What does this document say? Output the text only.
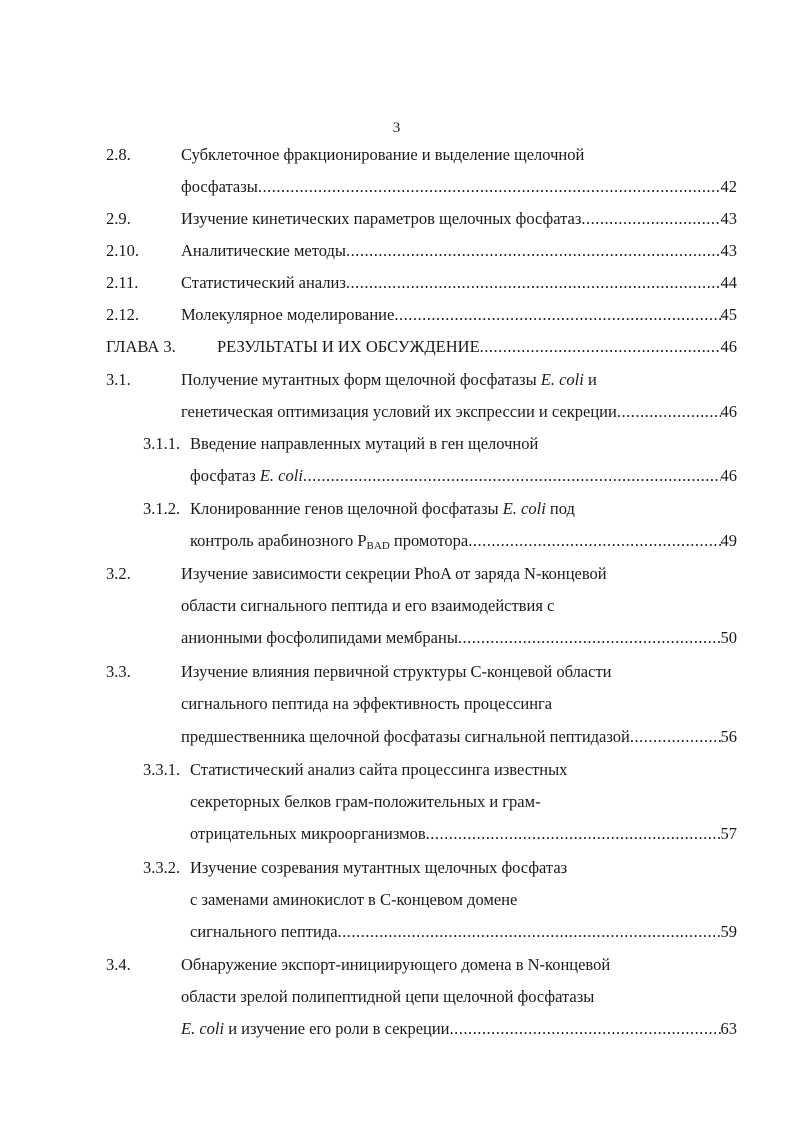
3
2.8.	Субклеточное фракционирование и выделение щелочной
фосфатазы .....	42
2.9.	Изучение кинетических параметров щелочных фосфатаз .....	43
2.10.	Аналитические методы .....	43
2.11.	Статистический анализ .....	44
2.12.	Молекулярное моделирование .....	45
ГЛАВА 3. РЕЗУЛЬТАТЫ И ИХ ОБСУЖДЕНИЕ .....	46
3.1.	Получение мутантных форм щелочной фосфатазы E. coli и
генетическая оптимизация условий их экспрессии и секреции .....	46
3.1.1. Введение направленных мутаций в ген щелочной
фосфатаз E. coli .....	46
3.1.2. Клонированние генов щелочной фосфатазы E. coli под
контроль арабинозного $P_{BAD}$ промотора .....	49
3.2.	Изучение зависимости секреции PhoA от заряда N-концевой
области сигнального пептида и его взаимодействия с
анионными фосфолипидами мембраны .....	50
3.3.	Изучение влияния первичной структуры С-концевой области
сигнального пептида на эффективность процессинга
предшественника щелочной фосфатазы сигнальной пептидазой .....	56
3.3.1. Статистический анализ сайта процессинга известных
секреторных белков грам-положительных и грам-
отрицательных микроорганизмов .....	57
3.3.2. Изучение созревания мутантных щелочных фосфатаз
с заменами аминокислот в С-концевом домене
сигнального пептида .....	59
3.4.	Обнаружение экспорт-инициирующего домена в N-концевой
области зрелой полипептидной цепи щелочной фосфатазы
E. coli и изучение его роли в секреции .....	63
